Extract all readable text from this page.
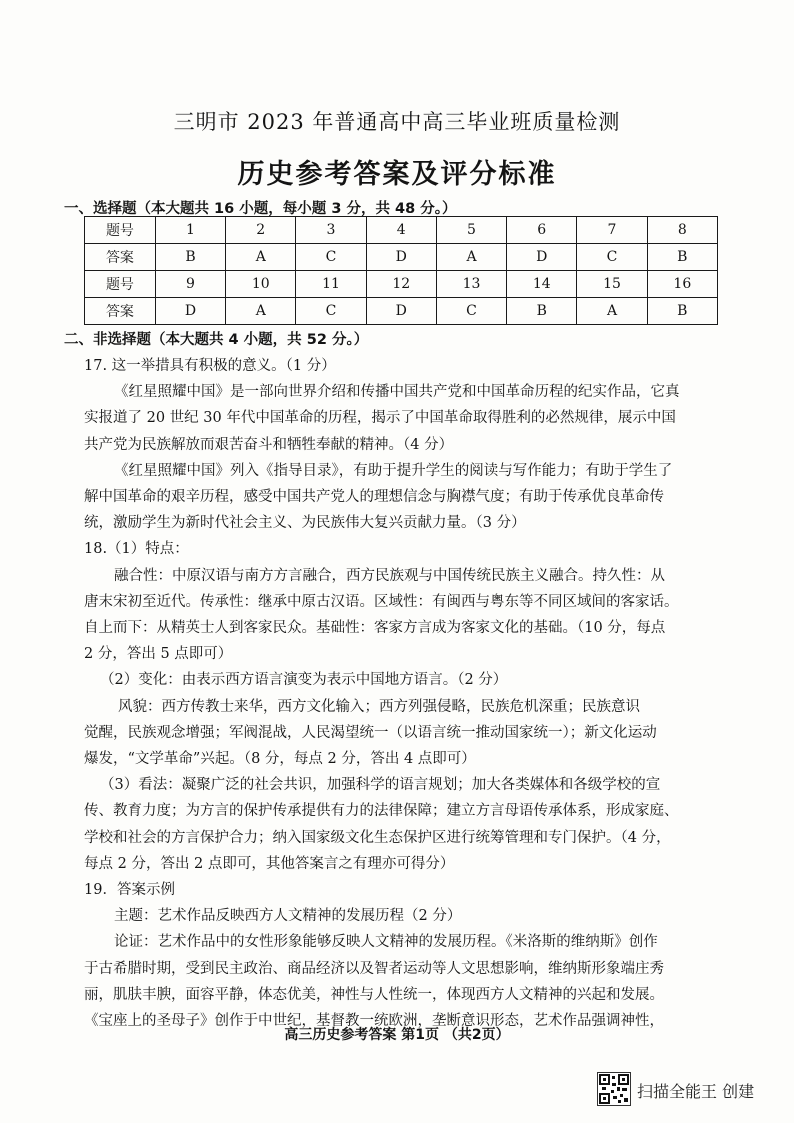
三明市 2023 年普通高中高三毕业班质量检测
历史参考答案及评分标准
一、选择题（本大题共 16 小题，每小题 3 分，共 48 分。）
题号	1	2	3	4	5	6	7	8
答案	B	A	C	D	A	D	C	B
题号	9	10	11	12	13	14	15	16
答案	D	A	C	D	C	B	A	B
二、非选择题（本大题共 4 小题，共 52 分。）

17. 这一举措具有积极的意义。（1 分）

《红星照耀中国》是一部向世界介绍和传播中国共产党和中国革命历程的纪实作品，它真

实报道了 20 世纪 30 年代中国革命的历程，揭示了中国革命取得胜利的必然规律，展示中国

共产党为民族解放而艰苦奋斗和牺牲奉献的精神。（4 分）

《红星照耀中国》列入《指导目录》，有助于提升学生的阅读与写作能力；有助于学生了

解中国革命的艰辛历程，感受中国共产党人的理想信念与胸襟气度；有助于传承优良革命传

统，激励学生为新时代社会主义、为民族伟大复兴贡献力量。（3 分）

18.（1）特点：

融合性：中原汉语与南方方言融合，西方民族观与中国传统民族主义融合。持久性：从

唐末宋初至近代。传承性：继承中原古汉语。区域性：有闽西与粤东等不同区域间的客家话。

自上而下：从精英士人到客家民众。基础性：客家方言成为客家文化的基础。（10 分，每点

2 分，答出 5 点即可）

（2）变化：由表示西方语言演变为表示中国地方语言。（2 分）

风貌：西方传教士来华，西方文化输入；西方列强侵略，民族危机深重；民族意识

觉醒，民族观念增强；军阀混战，人民渴望统一（以语言统一推动国家统一）；新文化运动

爆发，“文学革命”兴起。（8 分，每点 2 分，答出 4 点即可）

（3）看法：凝聚广泛的社会共识，加强科学的语言规划；加大各类媒体和各级学校的宣

传、教育力度；为方言的保护传承提供有力的法律保障；建立方言母语传承体系，形成家庭、

学校和社会的方言保护合力；纳入国家级文化生态保护区进行统筹管理和专门保护。（4 分，

每点 2 分，答出 2 点即可，其他答案言之有理亦可得分）

19．答案示例

主题：艺术作品反映西方人文精神的发展历程（2 分）

论证：艺术作品中的女性形象能够反映人文精神的发展历程。《米洛斯的维纳斯》创作

于古希腊时期，受到民主政治、商品经济以及智者运动等人文思想影响，维纳斯形象端庄秀

丽，肌肤丰腴，面容平静，体态优美，神性与人性统一，体现西方人文精神的兴起和发展。

《宝座上的圣母子》创作于中世纪，基督教一统欧洲，垄断意识形态，艺术作品强调神性，

高三历史参考答案 第1页 （共2页）
扫描全能王 创建
